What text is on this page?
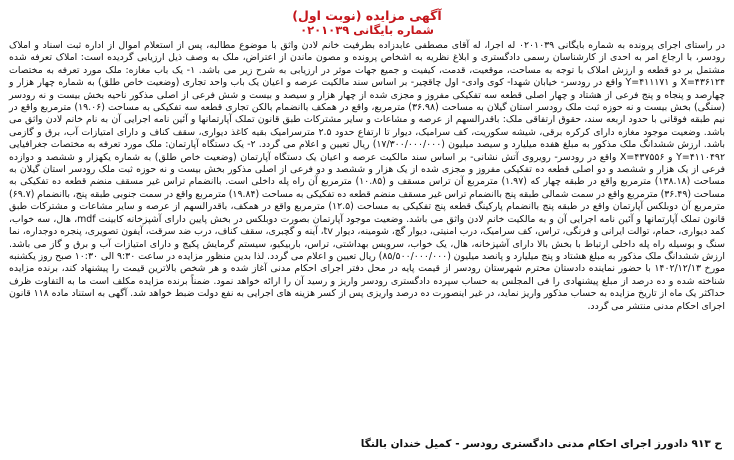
آگهی مزایده (نوبت اول)
شماره بایگانی ۰۲۰۱۰۳۹

در راستای اجرای پرونده به شماره بایگانی ۰۲۰۱۰۳۹ له اجرا، له آقای مصطفی عابدزاده بطرفیت خانم لادن واثق با موضوع مطالبه، پس از استعلام اموال از اداره ثبت اسناد و املاک رودسر، با ارجاع امر به احدی از کارشناسان رسمی دادگستری و ابلاغ نظریه به اشخاص پرونده و مصون ماندن از اعتراض، ملک به وصف ذیل ارزیابی گردیده است: املاک تعرفه شده مشتمل بر دو قطعه و ارزش املاک با توجه به مساحت، موقعیت، قدمت، کیفیت و جمیع جهات موثر در ارزیابی به شرح زیر می باشد. ۱- یک باب مغازه: ملک مورد تعرفه به مختصات ۴۳۶۱۲۴=X و ۴۱۱۱۷۱=Y واقع در رودسر- خیابان شهدا- کوی وادی- اول چاقچیر- بر اساس سند مالکیت عرصه و اعیان یک باب واحد تجاری (وضعیت خاص طلق) به شماره چهار هزار و چهارصد و پنجاه و پنج فرعی از هشتاد و چهار اصلی قطعه سه تفکیکی مفروز و مجزی شده از چهار هزار و سیصد و بیست و شش فرعی از اصلی مذکور ناحیه بخش بیست و نه رودسر (سنگی) بخش بیست و نه حوزه ثبت ملک رودسر استان گیلان به مساحت (۳۶.۹۸) مترمربع، واقع در همکف باانضمام بالکن تجاری قطعه سه تفکیکی به مساحت (۱۹.۰۶) مترمربع واقع در نیم طبقه فوقانی با حدود اربعه سند، حقوق ارتفاقی ملک: باقدرالسهم از عرصه و مشاعات و سایر مشترکات طبق قانون تملک آپارتمانها و آئین نامه اجرایی آن به نام خانم لادن واثق می باشد. وضعیت موجود مغازه دارای کرکره برقی، شیشه سکوریت، کف سرامیک، دیوار تا ارتفاع حدود ۲.۵ مترسرامیک بقیه کاغذ دیواری، سقف کناف و دارای امتیازات آب، برق و گازمی باشد. ارزش ششدانگ ملک مذکور به مبلغ هفده میلیارد و سیصد میلیون (۱۷/۳۰۰/۰۰۰/۰۰۰) ریال تعیین و اعلام می گردد. ۲- یک دستگاه آپارتمان: ملک مورد تعرفه به مختصات جغرافیایی ۴۱۱۰۴۹۲=Y و ۴۳۷۵۵۶=X واقع در رودسر- رویروی آتش نشانی- بر اساس سند مالکیت عرصه و اعیان یک دستگاه آپارتمان (وضعیت خاص طلق) به شماره یکهزار و ششصد و دوازده فرعی از یک هزار و ششصد و دو اصلی قطعه ده تفکیکی مفروز و مجزی شده از یک هزار و ششصد و دو فرعی از اصلی مذکور بخش بیست و نه حوزه ثبت ملک رودسر استان گیلان به مساحت (۱۳۸.۱۸) مترمربع واقع در طبقه چهار که (۱.۹۷) مترمربع آن تراس مسقف و (۱۰.۸۵) مترمربع آن راه پله داخلی است. باانضمام تراس غیر مسقف منضم قطعه ده تفکیکی به مساحت (۳۶.۴۹) مترمربع واقع در سمت شمالی طبقه پنج باانضمام تراس غیر مسقف منضم قطعه ده تفکیکی به مساحت (۱۹.۸۴) مترمربع واقع در سمت جنوبی طبقه پنج، باانضمام (۶۹.۷) مترمربع آن دوبلکس آپارتمان واقع در طبقه پنج باانضمام پارکینگ قطعه پنج تفکیکی به مساحت (۱۲.۵) مترمربع واقع در همکف، باقدرالسهم از عرصه و سایر مشاعات و مشترکات طبق قانون تملک آپارتمانها و آئین نامه اجرایی آن و به مالکیت خانم لادن واثق می باشد. وضعیت موجود آپارتمان بصورت دوبلکس در بخش پایین دارای آشپزخانه کابینت mdf، هال، سه خواب، کمد دیواری، حمام، توالت ایرانی و فرنگی، تراس، کف سرامیک، درب امنیتی، دیوار گچ، شومینه، دیوار tv، آینه و گچبری، سقف کناف، درب ضد سرقت، آیفون تصویری، پنجره دوجداره، نما سنگ و بوسیله راه پله داخلی ارتباط با بخش بالا دارای آشپزخانه، هال، یک خواب، سرویس بهداشتی، تراس، باربیکیو، سیستم گرمایش پکیج و دارای امتیازات آب و برق و گاز می باشد. ارزش ششدانگ ملک مذکور به مبلغ هشتاد و پنج میلیارد و پانصد میلیون (۸۵/۵۰۰/۰۰۰/۰۰۰) ریال تعیین و اعلام می گردد. لذا بدین منظور مزایده در ساعت ۹:۳۰ الی ۱۰:۳۰ صبح روز یکشنبه مورخ ۱۴۰۲/۱۲/۱۳ با حضور نماینده دادستان محترم شهرستان رودسر از قیمت پایه در محل دفتر اجرای احکام مدنی آغاز شده و هر شخص بالاترین قیمت را پیشنهاد کند، برنده مزایده شناخته شده و ده درصد از مبلغ پیشنهادی را فی المجلس به حساب سپرده دادگستری رودسر واریز و رسید آن را ارائه خواهد نمود. ضمناً برنده مزایده مکلف است ما به التفاوت ظرف حداکثر یک ماه از تاریخ مزایده به حساب مذکور واریز نماید، در غیر اینصورت ده درصد واریزی پس از کسر هزینه های اجرایی به نفع دولت ضبط خواهد شد. آگهی به استناد ماده ۱۱۸ قانون اجرای احکام مدنی منتشر می گردد.

ح ۹۱۳ دادورز اجرای احکام مدنی دادگستری رودسر - کمیل خندان بالنگا
